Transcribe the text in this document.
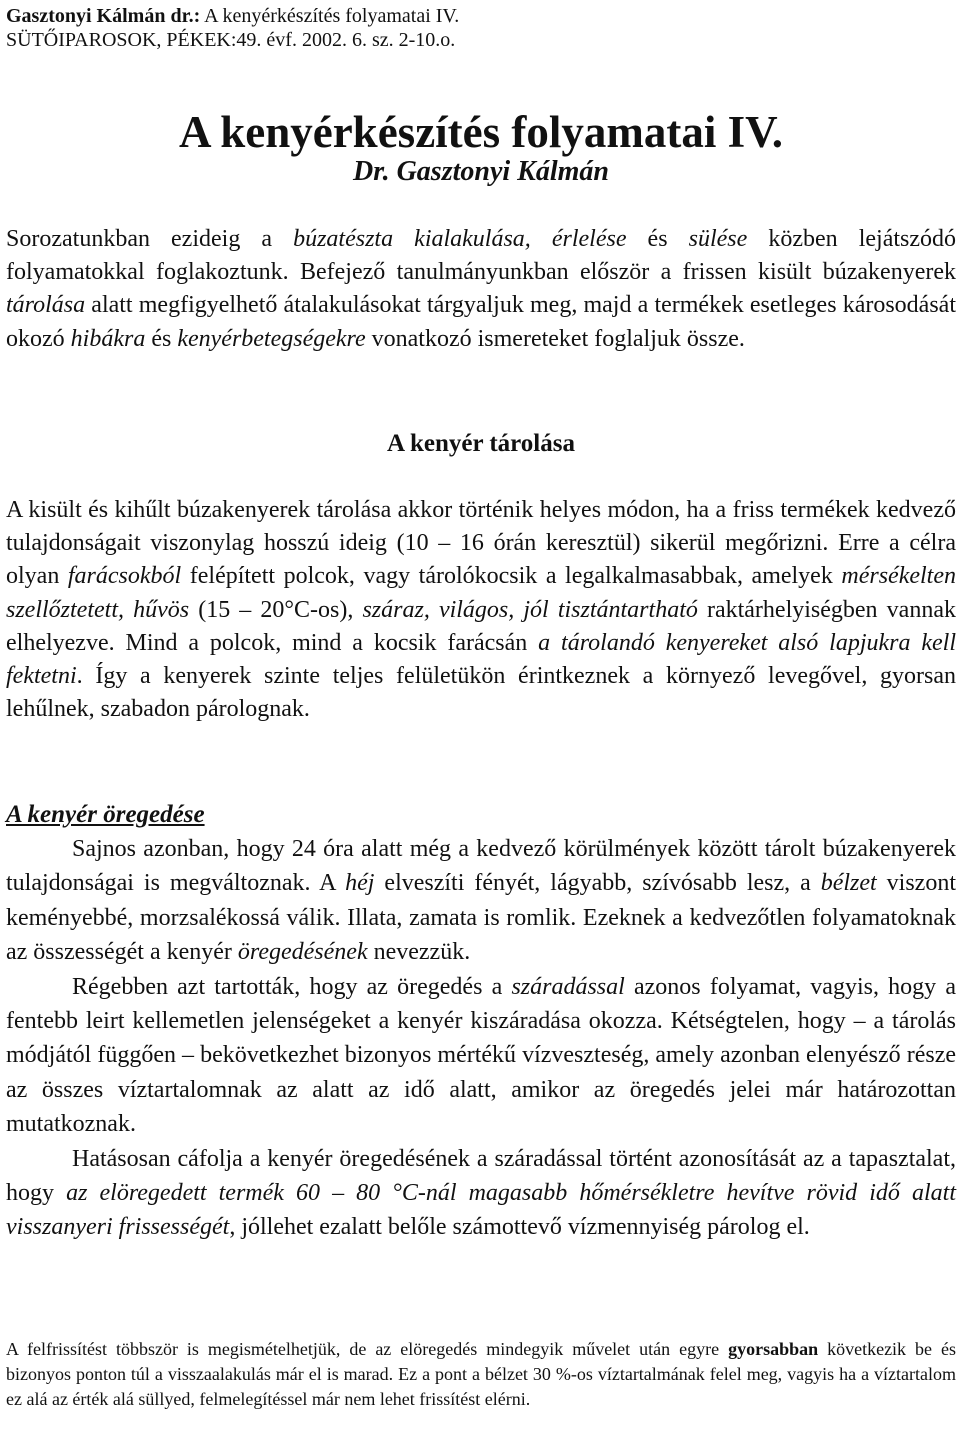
Gasztonyi Kálmán dr.: A kenyérkészítés folyamatai IV.
SÜTŐIPAROSOK, PÉKEK:49. évf. 2002. 6. sz. 2-10.o.
A kenyérkészítés folyamatai IV.
Dr. Gasztonyi Kálmán
Sorozatunkban ezideig a búzatészta kialakulása, érlelése és sülése közben lejátszódó folyamatokkal foglakoztunk. Befejező tanulmányunkban először a frissen kisült búzakenyerek tárolása alatt megfigyelhető átalakulásokat tárgyaljuk meg, majd a termékek esetleges károsodását okozó hibákra és kenyérbetegségekre vonatkozó ismereteket foglaljuk össze.
A kenyér tárolása
A kisült és kihűlt búzakenyerek tárolása akkor történik helyes módon, ha a friss termékek kedvező tulajdonságait viszonylag hosszú ideig (10 – 16 órán keresztül) sikerül megőrizni. Erre a célra olyan farácsokból felépített polcok, vagy tárolókocsik a legalkalmasabbak, amelyek mérsékelten szellőztetett, hűvös (15 – 20°C-os), száraz, világos, jól tisztántartható raktárhelyiségben vannak elhelyezve. Mind a polcok, mind a kocsik farácsán a tárolandó kenyereket alsó lapjukra kell fektetni. Így a kenyerek szinte teljes felületükön érintkeznek a környező levegővel, gyorsan lehűlnek, szabadon párolognak.
A kenyér öregedése

Sajnos azonban, hogy 24 óra alatt még a kedvező körülmények között tárolt búzakenyerek tulajdonságai is megváltoznak. A héj elveszíti fényét, lágyabb, szívósabb lesz, a bélzet viszont keményebbé, morzsalékossá válik. Illata, zamata is romlik. Ezeknek a kedvezőtlen folyamatoknak az összességét a kenyér öregedésének nevezzük.

Régebben azt tartották, hogy az öregedés a száradással azonos folyamat, vagyis, hogy a fentebb leirt kellemetlen jelenségeket a kenyér kiszáradása okozza. Kétségtelen, hogy – a tárolás módjától függően – bekövetkezhet bizonyos mértékű vízveszteség, amely azonban elenyésző része az összes víztartalomnak az alatt az idő alatt, amikor az öregedés jelei már határozottan mutatkoznak.

Hatásosan cáfolja a kenyér öregedésének a száradással történt azonosítását az a tapasztalat, hogy az elöregedett termék 60 – 80 °C-nál magasabb hőmérsékletre hevítve rövid idő alatt visszanyeri frissességét, jóllehet ezalatt belőle számottevő vízmennyiség párolog el.

A felfrissítést többször is megismételhetjük, de az elöregedés mindegyik művelet után egyre gyorsabban következik be és bizonyos ponton túl a visszaalakulás már el is marad. Ez a pont a bélzet 30 %-os víztartalmának felel meg, vagyis ha a víztartalom ez alá az érték alá süllyed, felmelegítéssel már nem lehet frissítést elérni.
